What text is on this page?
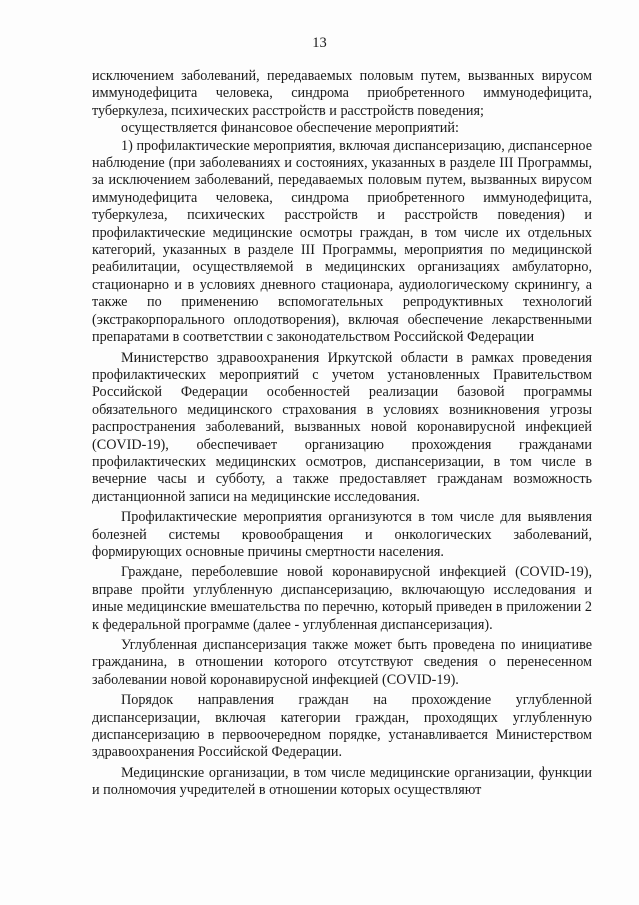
13

исключением заболеваний, передаваемых половым путем, вызванных вирусом иммунодефицита человека, синдрома приобретенного иммунодефицита, туберкулеза, психических расстройств и расстройств поведения;

осуществляется финансовое обеспечение мероприятий:

1) профилактические мероприятия, включая диспансеризацию, диспансерное наблюдение (при заболеваниях и состояниях, указанных в разделе III Программы, за исключением заболеваний, передаваемых половым путем, вызванных вирусом иммунодефицита человека, синдрома приобретенного иммунодефицита, туберкулеза, психических расстройств и расстройств поведения) и профилактические медицинские осмотры граждан, в том числе их отдельных категорий, указанных в разделе III Программы, мероприятия по медицинской реабилитации, осуществляемой в медицинских организациях амбулаторно, стационарно и в условиях дневного стационара, аудиологическому скринингу, а также по применению вспомогательных репродуктивных технологий (экстракорпорального оплодотворения), включая обеспечение лекарственными препаратами в соответствии с законодательством Российской Федерации

Министерство здравоохранения Иркутской области в рамках проведения профилактических мероприятий с учетом установленных Правительством Российской Федерации особенностей реализации базовой программы обязательного медицинского страхования в условиях возникновения угрозы распространения заболеваний, вызванных новой коронавирусной инфекцией (COVID-19), обеспечивает организацию прохождения гражданами профилактических медицинских осмотров, диспансеризации, в том числе в вечерние часы и субботу, а также предоставляет гражданам возможность дистанционной записи на медицинские исследования.

Профилактические мероприятия организуются в том числе для выявления болезней системы кровообращения и онкологических заболеваний, формирующих основные причины смертности населения.

Граждане, переболевшие новой коронавирусной инфекцией (COVID-19), вправе пройти углубленную диспансеризацию, включающую исследования и иные медицинские вмешательства по перечню, который приведен в приложении 2 к федеральной программе (далее - углубленная диспансеризация).

Углубленная диспансеризация также может быть проведена по инициативе гражданина, в отношении которого отсутствуют сведения о перенесенном заболевании новой коронавирусной инфекцией (COVID-19).

Порядок направления граждан на прохождение углубленной диспансеризации, включая категории граждан, проходящих углубленную диспансеризацию в первоочередном порядке, устанавливается Министерством здравоохранения Российской Федерации.

Медицинские организации, в том числе медицинские организации, функции и полномочия учредителей в отношении которых осуществляют
